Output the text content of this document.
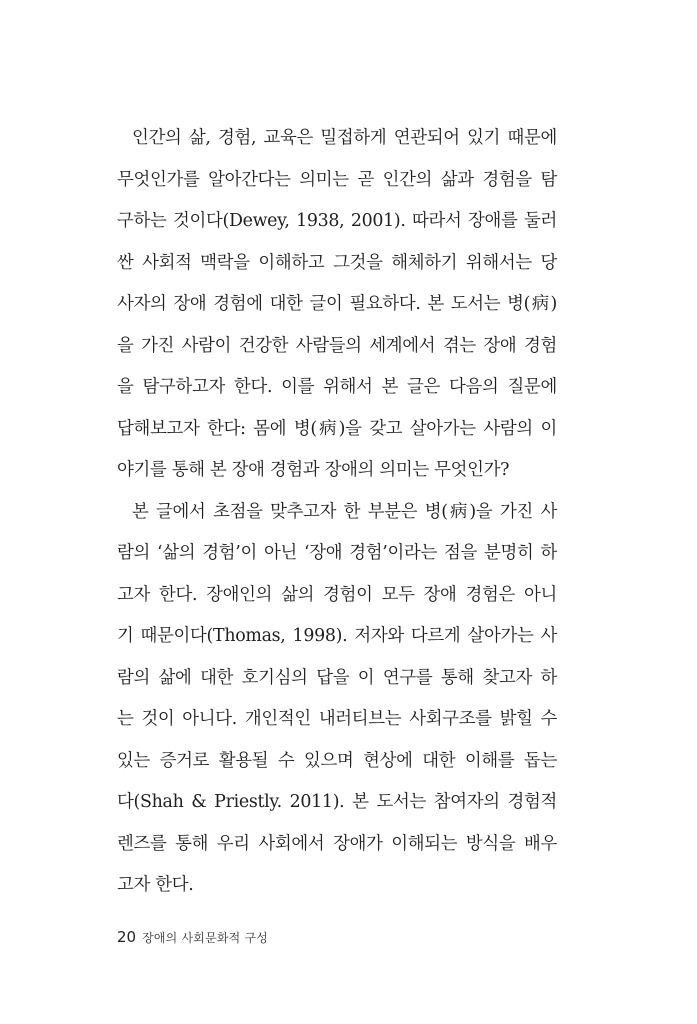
인간의 삶, 경험, 교육은 밀접하게 연관되어 있기 때문에
무엇인가를 알아간다는 의미는 곧 인간의 삶과 경험을 탐
구하는 것이다(Dewey, 1938, 2001). 따라서 장애를 둘러
싼 사회적 맥락을 이해하고 그것을 해체하기 위해서는 당
사자의 장애 경험에 대한 글이 필요하다. 본 도서는 병(病)
을 가진 사람이 건강한 사람들의 세계에서 겪는 장애 경험
을 탐구하고자 한다. 이를 위해서 본 글은 다음의 질문에
답해보고자 한다: 몸에 병(病)을 갖고 살아가는 사람의 이
야기를 통해 본 장애 경험과 장애의 의미는 무엇인가?
본 글에서 초점을 맞추고자 한 부분은 병(病)을 가진 사
람의 ‘삶의 경험’이 아닌 ‘장애 경험’이라는 점을 분명히 하
고자 한다. 장애인의 삶의 경험이 모두 장애 경험은 아니
기 때문이다(Thomas, 1998). 저자와 다르게 살아가는 사
람의 삶에 대한 호기심의 답을 이 연구를 통해 찾고자 하
는 것이 아니다. 개인적인 내러티브는 사회구조를 밝힐 수
있는 증거로 활용될 수 있으며 현상에 대한 이해를 돕는
다(Shah & Priestly. 2011). 본 도서는 참여자의 경험적
렌즈를 통해 우리 사회에서 장애가 이해되는 방식을 배우
고자 한다.
20 장애의 사회문화적 구성
